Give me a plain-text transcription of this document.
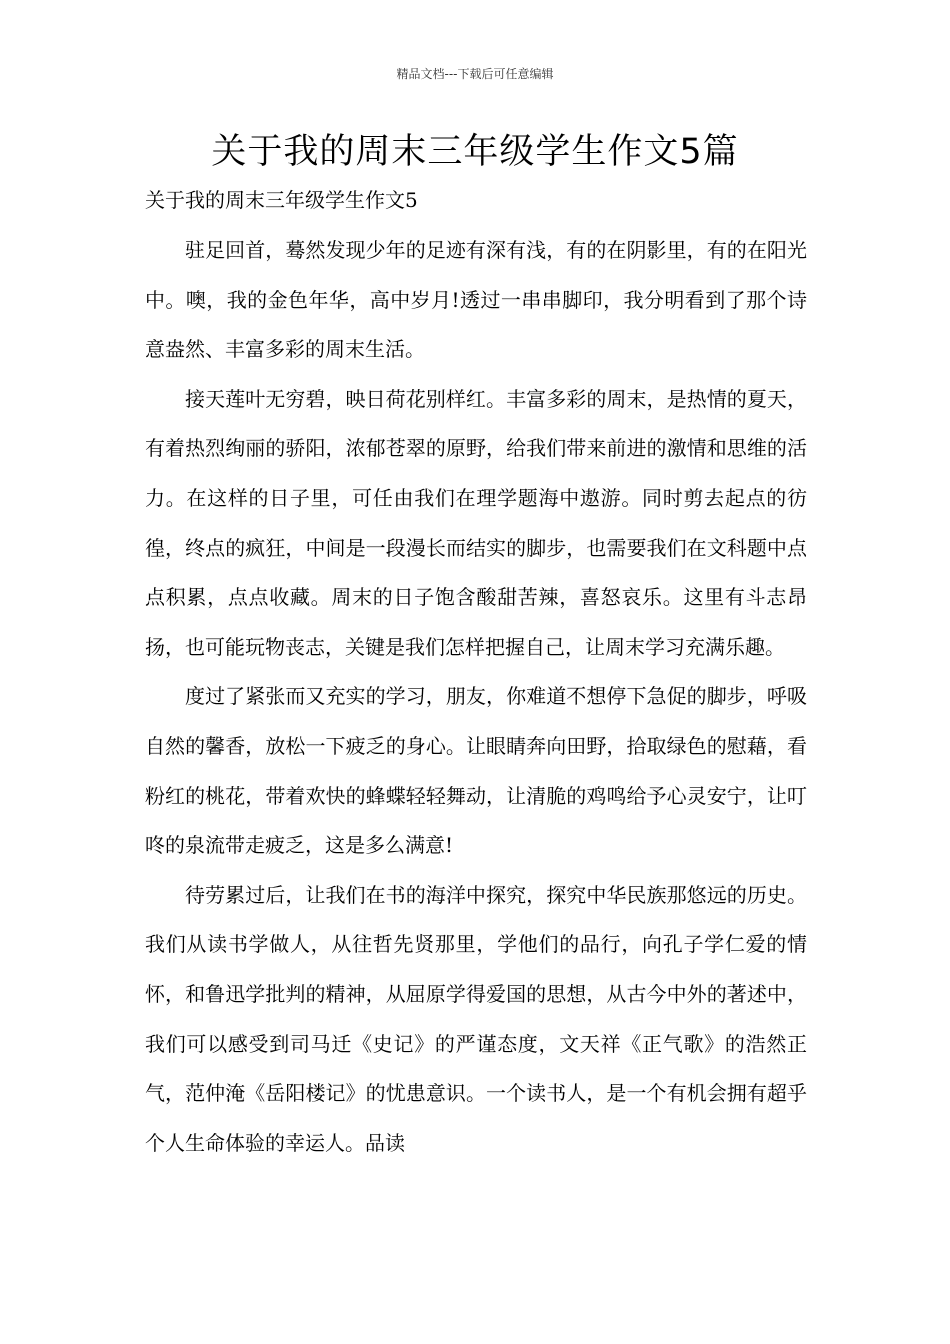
精品文档---下载后可任意编辑
关于我的周末三年级学生作文5篇
关于我的周末三年级学生作文5

驻足回首，蓦然发现少年的足迹有深有浅，有的在阴影里，有的在阳光中。噢，我的金色年华，高中岁月!透过一串串脚印，我分明看到了那个诗意盎然、丰富多彩的周末生活。

接天莲叶无穷碧，映日荷花别样红。丰富多彩的周末，是热情的夏天，有着热烈绚丽的骄阳，浓郁苍翠的原野，给我们带来前进的激情和思维的活力。在这样的日子里，可任由我们在理学题海中遨游。同时剪去起点的彷徨，终点的疯狂，中间是一段漫长而结实的脚步，也需要我们在文科题中点点积累，点点收藏。周末的日子饱含酸甜苦辣，喜怒哀乐。这里有斗志昂扬，也可能玩物丧志，关键是我们怎样把握自己，让周末学习充满乐趣。

度过了紧张而又充实的学习，朋友，你难道不想停下急促的脚步，呼吸自然的馨香，放松一下疲乏的身心。让眼睛奔向田野，拾取绿色的慰藉，看粉红的桃花，带着欢快的蜂蝶轻轻舞动，让清脆的鸡鸣给予心灵安宁，让叮咚的泉流带走疲乏，这是多么满意!

待劳累过后，让我们在书的海洋中探究，探究中华民族那悠远的历史。我们从读书学做人，从往哲先贤那里，学他们的品行，向孔子学仁爱的情怀，和鲁迅学批判的精神，从屈原学得爱国的思想，从古今中外的著述中，我们可以感受到司马迁《史记》的严谨态度，文天祥《正气歌》的浩然正气，范仲淹《岳阳楼记》的忧患意识。一个读书人，是一个有机会拥有超乎个人生命体验的幸运人。品读
